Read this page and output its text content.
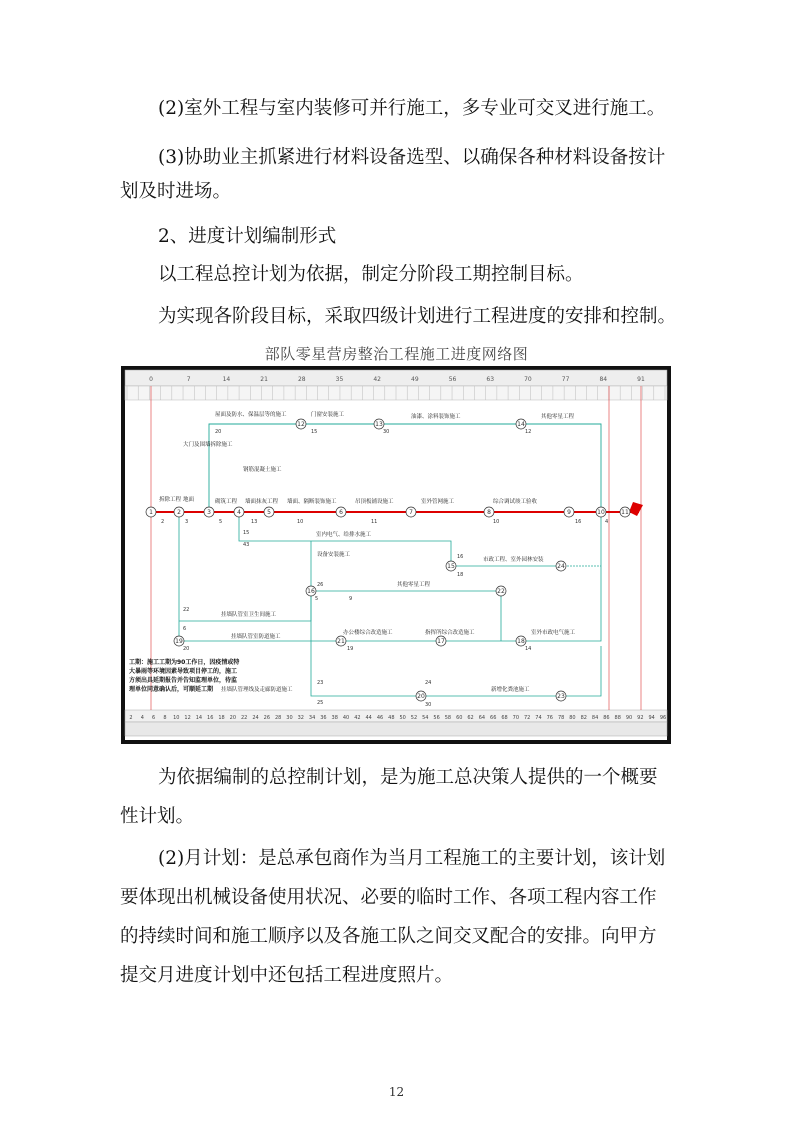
(2)室外工程与室内装修可并行施工，多专业可交叉进行施工。

(3)协助业主抓紧进行材料设备选型、以确保各种材料设备按计

划及时进场。

2、进度计划编制形式

以工程总控计划为依据，制定分阶段工期控制目标。

为实现各阶段目标，采取四级计划进行工程进度的安排和控制。

部队零星营房整治工程施工进度网络图
0	7	14	21	28	35	42	49	56	63	70	77	84	91
2 4 6 8 10 12 14 16 18 20 22 24 26 28 30 32 34 36 38 40 42 44 46 48 50 52 54 56 58 60 62 64 66 68 70 72 74 76 78 80 82 84 86 88 90 92 94 96
1	2	3	4	5	6	7	8	9	10	11
12	13	14
15
16
17	18
19
20
21
22
23
24
拆除工程 地面	砌筑工程 墙面抹灰工程 墙面、隔断装饰施工	吊顶板铺设施工	室外管网施工	综合调试竣工验收
屋面及防水、保温层等的施工	门窗安装施工	油漆、涂料装饰施工	其他零星工程
大门及围墙拆除施工
钢筋混凝土施工
室内电气、给排水施工
市政工程、室外园林安装
其他零星工程
设备安装施工
挂墙队管室卫生间施工
挂墙队管室防道施工
办公楼综合改造施工	指挥所综合改造施工	室外市政电气施工
挂墙队管理线及走廊防道施工	新增化粪池施工
2	3	5	13	10	11
20	15	30	12
43
15
16
18
22
26
19
20
23
25
24
30
5
6
9
10	16	4
14
工期：施工工期为90工作日，因疫情或特
大暴雨等环境因素导致项目停工的，施工
方须出具延期报告并告知监理单位，待监
理单位同意确认后，可顺延工期

为依据编制的总控制计划，是为施工总决策人提供的一个概要

性计划。

(2)月计划：是总承包商作为当月工程施工的主要计划，该计划

要体现出机械设备使用状况、必要的临时工作、各项工程内容工作

的持续时间和施工顺序以及各施工队之间交叉配合的安排。向甲方

提交月进度计划中还包括工程进度照片。

12
